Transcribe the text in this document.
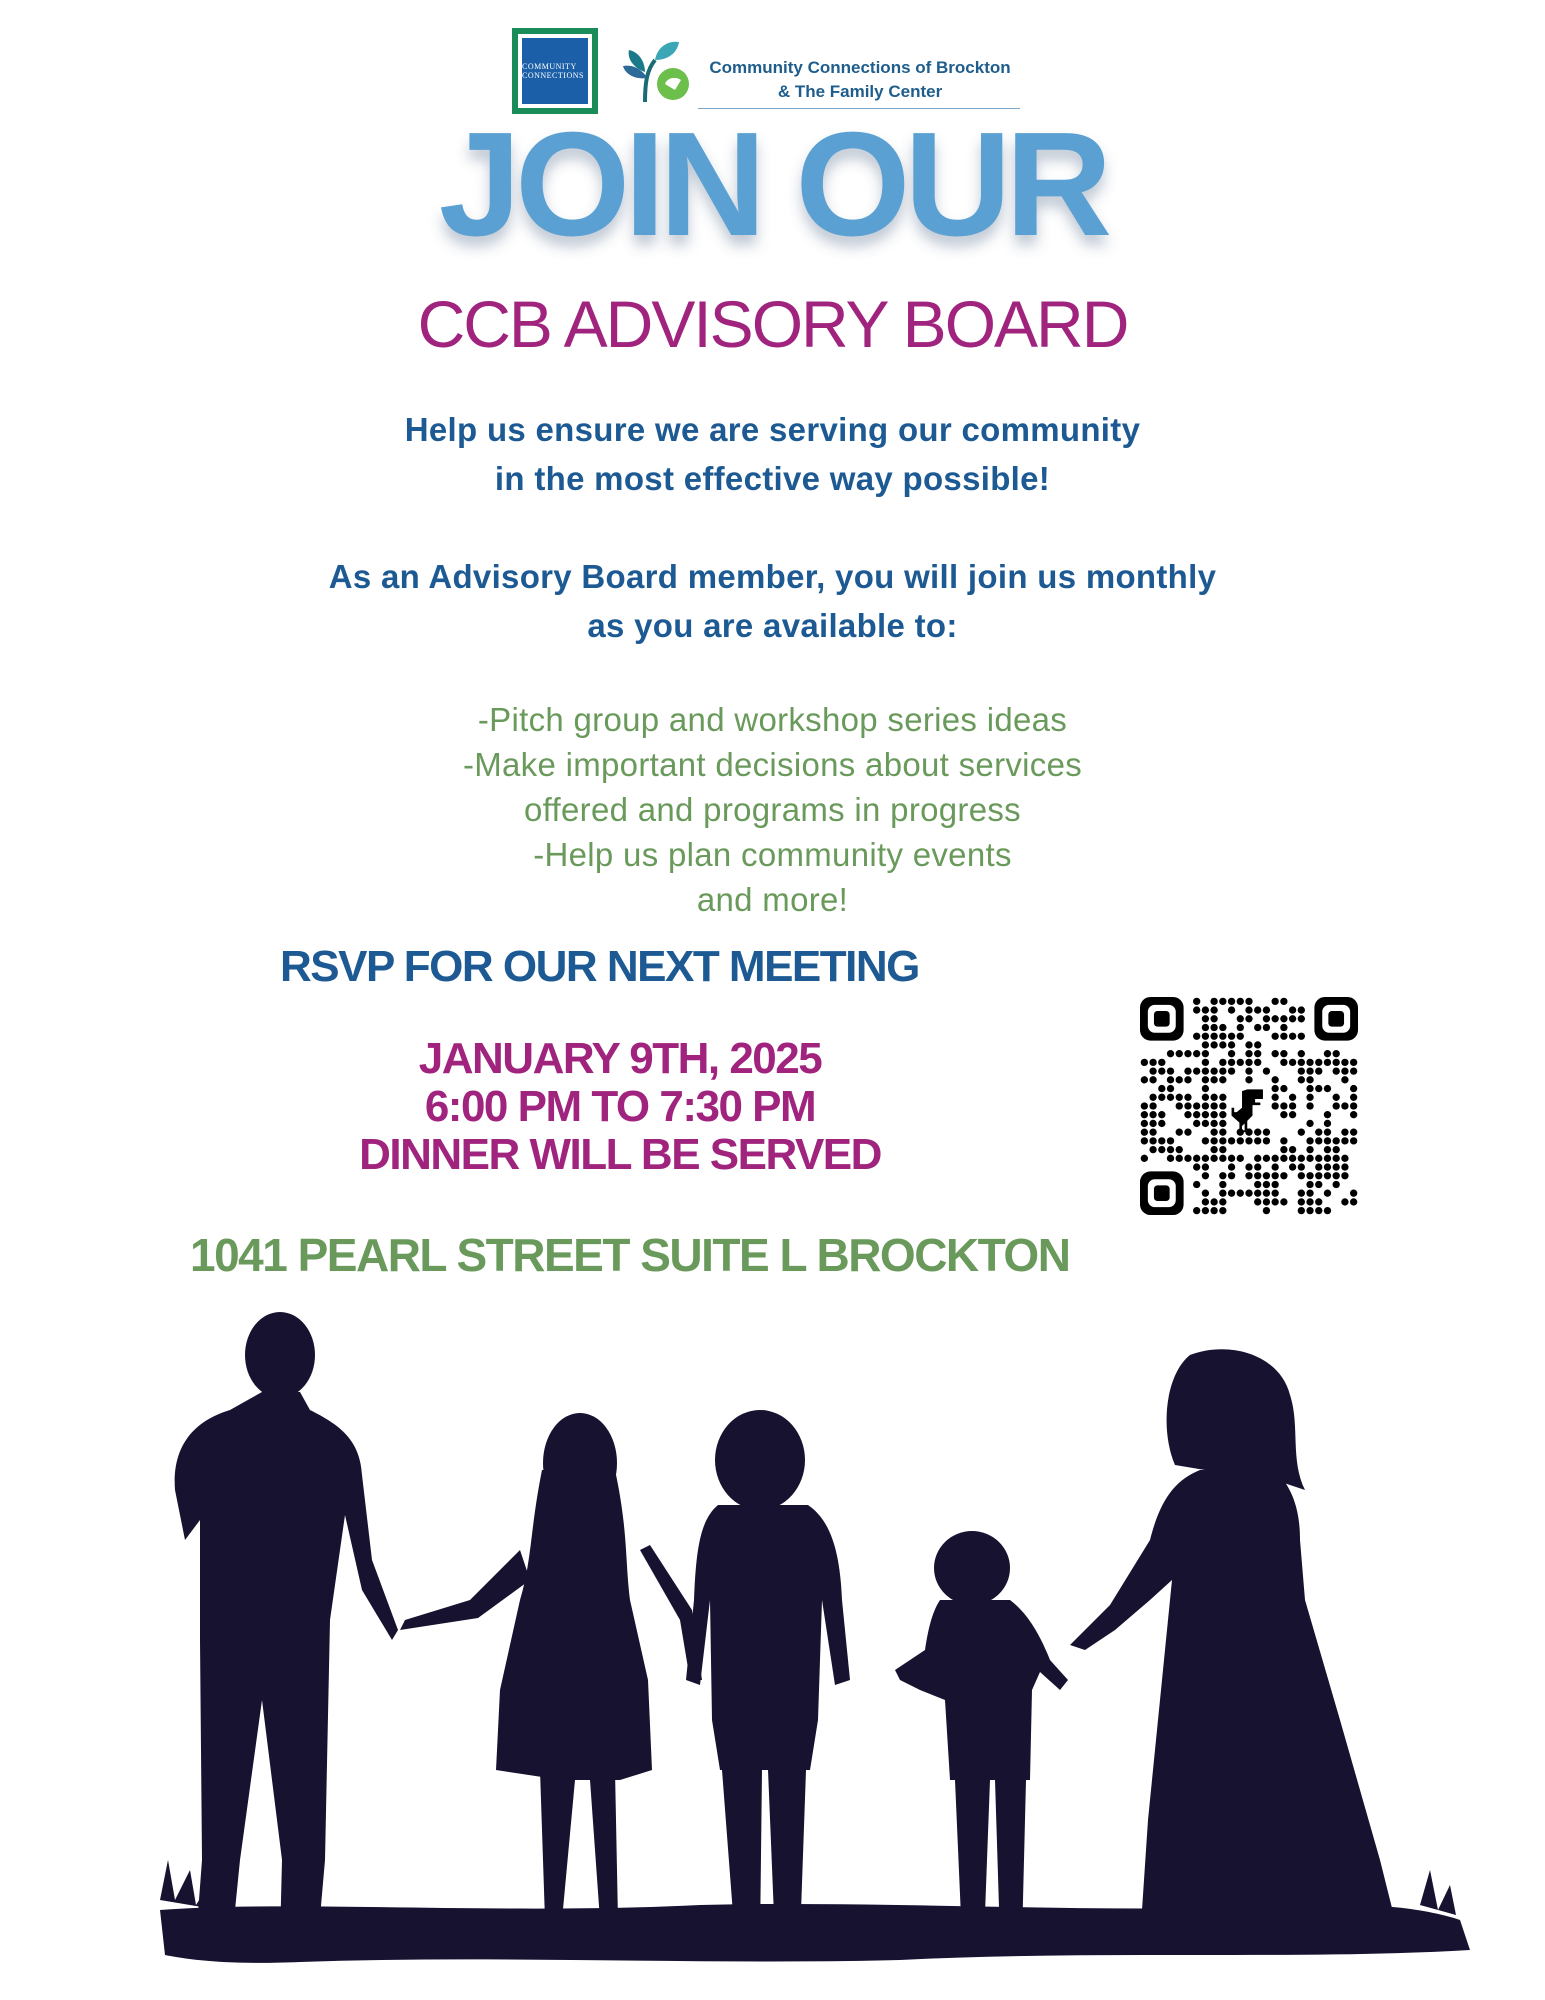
COMMUNITY CONNECTIONS	Community Connections of Brockton
& The Family Center
JOIN OUR
CCB ADVISORY BOARD
Help us ensure we are serving our community
in the most effective way possible!
As an Advisory Board member, you will join us monthly
as you are available to:
-Pitch group and workshop series ideas
-Make important decisions about services
offered and programs in progress
-Help us plan community events
and more!
RSVP FOR OUR NEXT MEETING
JANUARY 9TH, 2025
6:00 PM TO 7:30 PM
DINNER WILL BE SERVED
1041 PEARL STREET SUITE L BROCKTON
